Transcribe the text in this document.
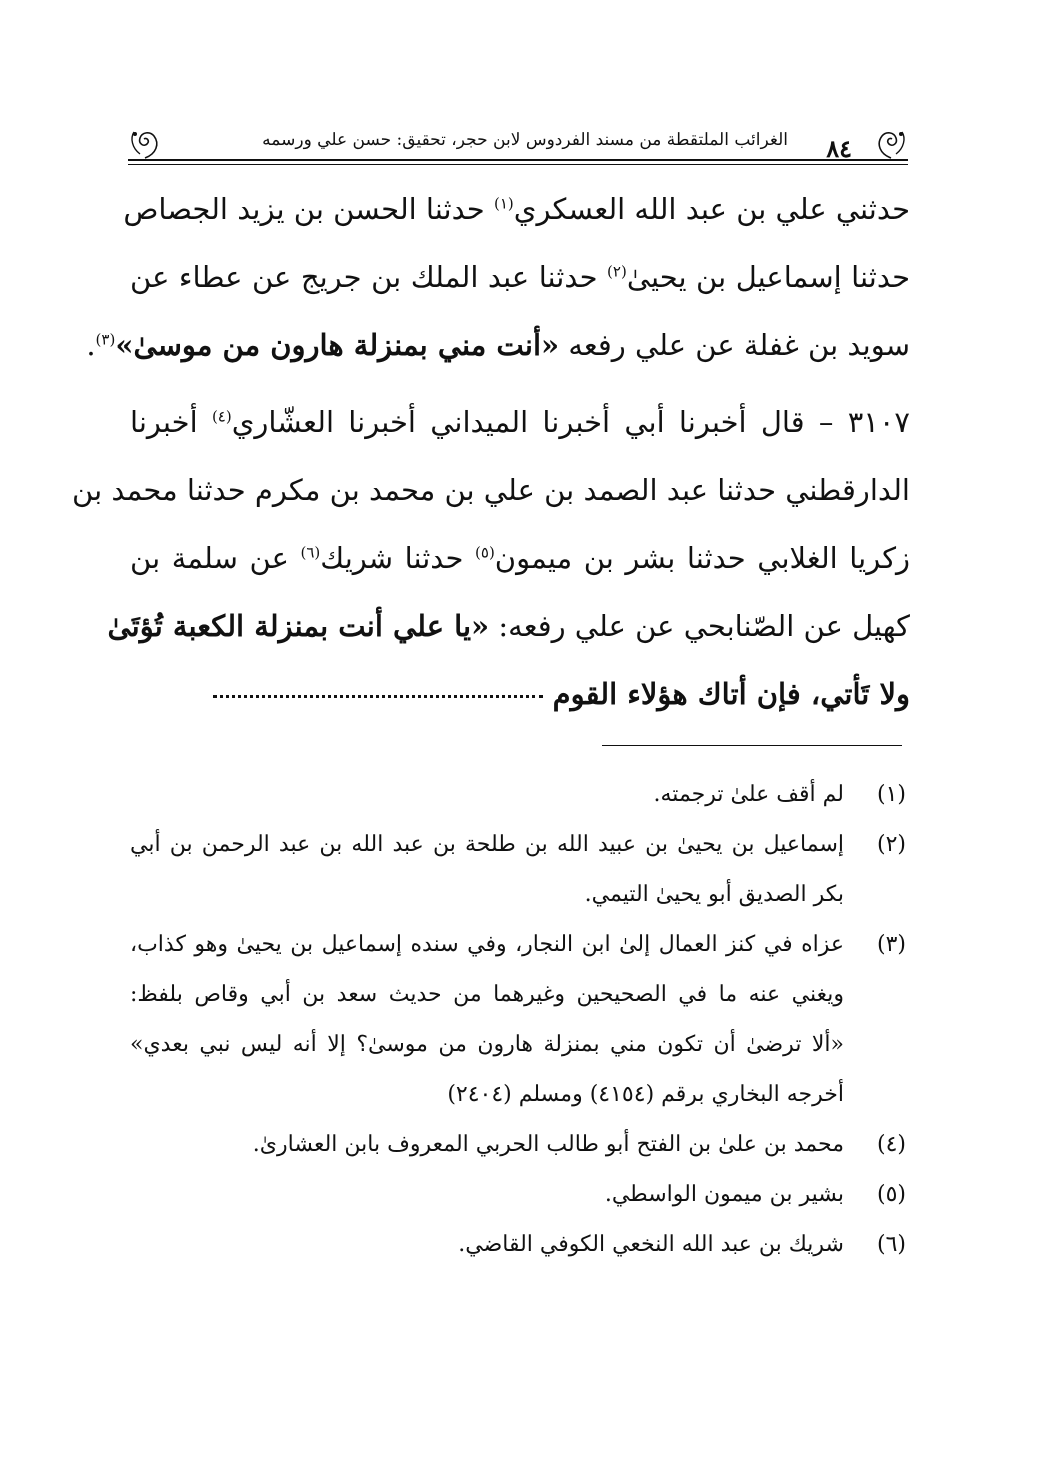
٨٤
الغرائب الملتقطة من مسند الفردوس لابن حجر، تحقيق: حسن علي ورسمه
حدثني علي بن عبد الله العسكري$^{(١)}$ حدثنا الحسن بن يزيد الجصاص
حدثنا إسماعيل بن يحيىٰ$^{(٢)}$ حدثنا عبد الملك بن جريج عن عطاء عن
سويد بن غفلة عن علي رفعه «أنت مني بمنزلة هارون من موسىٰ»$^{(٣)}$.
٣١٠٧ – قال أخبرنا أبي أخبرنا الميداني أخبرنا العشّاري$^{(٤)}$ أخبرنا
الدارقطني حدثنا عبد الصمد بن علي بن محمد بن مكرم حدثنا محمد بن
زكريا الغلابي حدثنا بشر بن ميمون$^{(٥)}$ حدثنا شريك$^{(٦)}$ عن سلمة بن
كهيل عن الصّنابحي عن علي رفعه: «يا علي أنت بمنزلة الكعبة تُؤتَىٰ
ولا تَأتي، فإن أتاك هؤلاء القوم
(١)
لم أقف علىٰ ترجمته.
(٢)
إسماعيل بن يحيىٰ بن عبيد الله بن طلحة بن عبد الله بن عبد الرحمن بن أبي
بكر الصديق أبو يحيىٰ التيمي.
(٣)
عزاه في كنز العمال إلىٰ ابن النجار، وفي سنده إسماعيل بن يحيىٰ وهو كذاب،
ويغني عنه ما في الصحيحين وغيرهما من حديث سعد بن أبي وقاص بلفظ:
«ألا ترضىٰ أن تكون مني بمنزلة هارون من موسىٰ؟ إلا أنه ليس نبي بعدي»
أخرجه البخاري برقم (٤١٥٤) ومسلم (٢٤٠٤)
(٤)
محمد بن علىٰ بن الفتح أبو طالب الحربي المعروف بابن العشارىٰ.
(٥)
بشير بن ميمون الواسطي.
(٦)
شريك بن عبد الله النخعي الكوفي القاضي.
